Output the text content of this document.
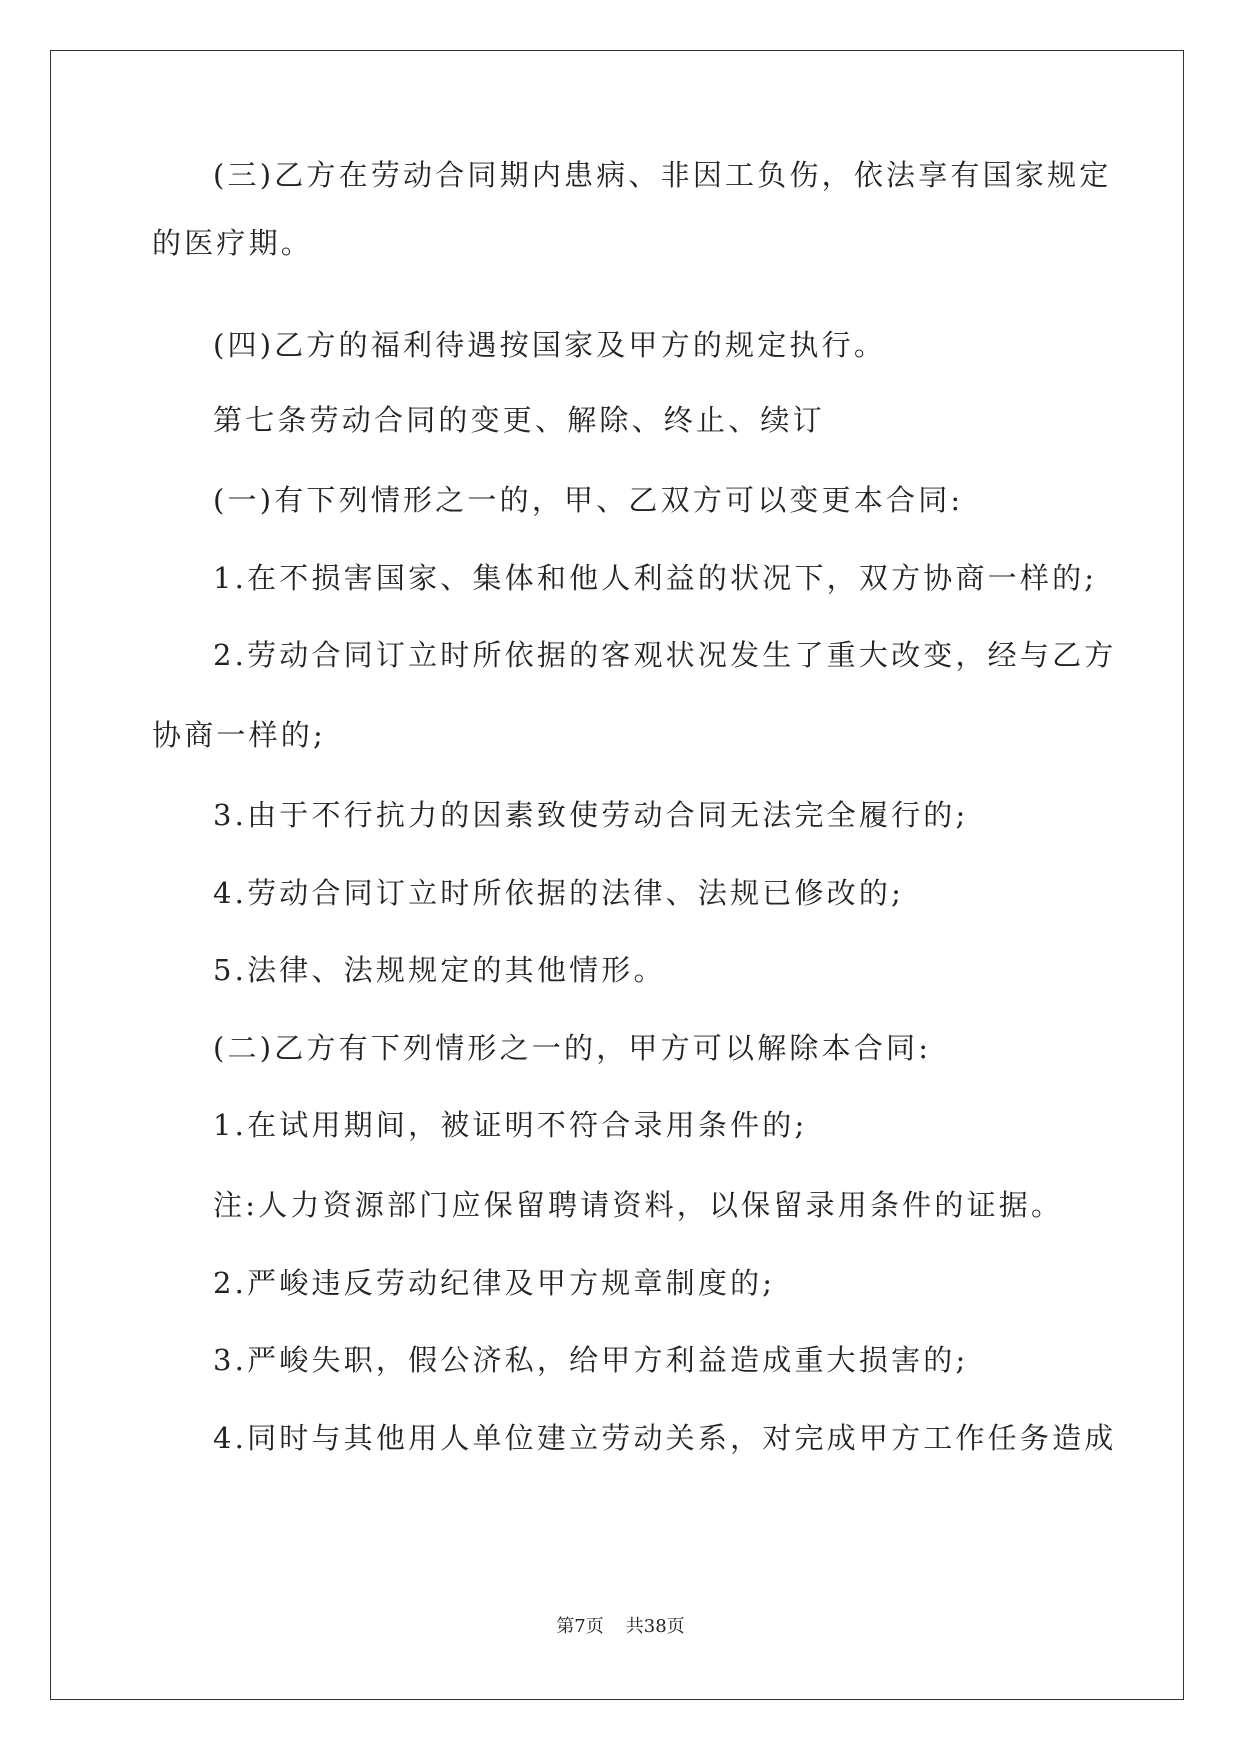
(三)乙方在劳动合同期内患病、非因工负伤，依法享有国家规定
的医疗期。
(四)乙方的福利待遇按国家及甲方的规定执行。
第七条劳动合同的变更、解除、终止、续订
(一)有下列情形之一的，甲、乙双方可以变更本合同:
1.在不损害国家、集体和他人利益的状况下，双方协商一样的;
2.劳动合同订立时所依据的客观状况发生了重大改变，经与乙方
协商一样的;
3.由于不行抗力的因素致使劳动合同无法完全履行的;
4.劳动合同订立时所依据的法律、法规已修改的;
5.法律、法规规定的其他情形。
(二)乙方有下列情形之一的，甲方可以解除本合同:
1.在试用期间，被证明不符合录用条件的;
注:人力资源部门应保留聘请资料，以保留录用条件的证据。
2.严峻违反劳动纪律及甲方规章制度的;
3.严峻失职，假公济私，给甲方利益造成重大损害的;
4.同时与其他用人单位建立劳动关系，对完成甲方工作任务造成
第7页 共38页
